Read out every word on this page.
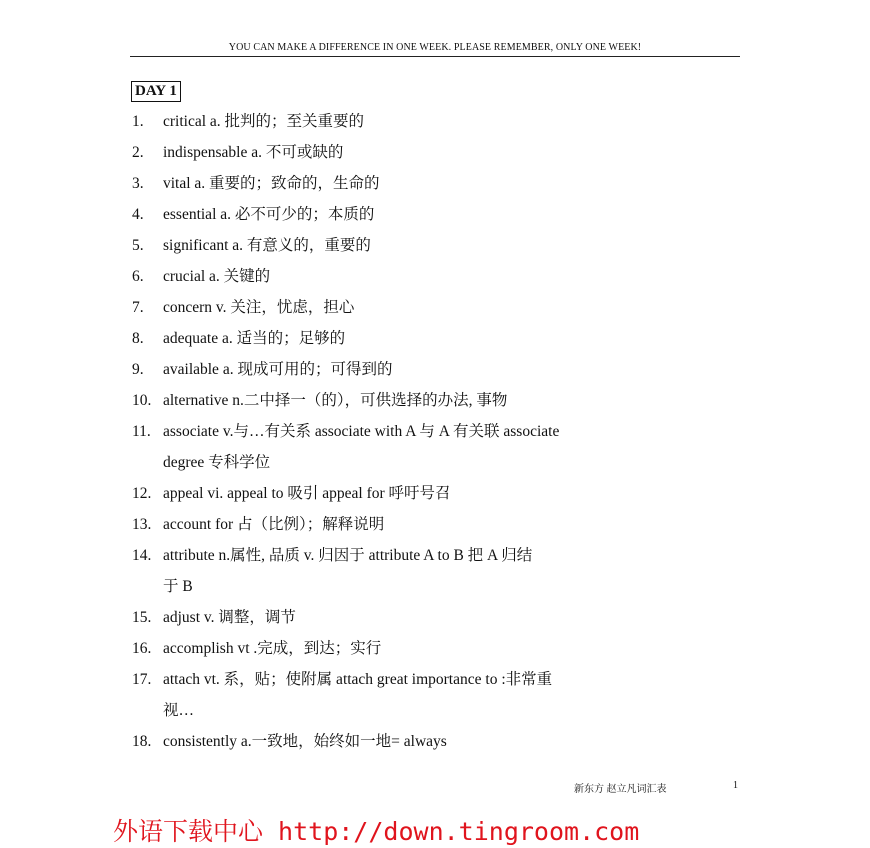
YOU CAN MAKE A DIFFERENCE IN ONE WEEK. PLEASE REMEMBER, ONLY ONE WEEK!
DAY 1
1.	critical a. 批判的；至关重要的
2.	indispensable a. 不可或缺的
3.	vital a. 重要的；致命的，生命的
4.	essential a. 必不可少的；本质的
5.	significant a. 有意义的，重要的
6.	crucial a. 关键的
7.	concern v. 关注，忧虑，担心
8.	adequate a. 适当的；足够的
9.	available a. 现成可用的；可得到的
10. alternative n.二中择一（的），可供选择的办法, 事物
11. associate v.与…有关系 associate with A 与 A 有关联 associate
degree 专科学位
12. appeal vi. appeal to 吸引 appeal for 呼吁号召
13. account for 占（比例）；解释说明
14. attribute n.属性, 品质 v. 归因于 attribute A to B 把 A 归结
于 B
15. adjust v. 调整，调节
16. accomplish vt .完成，到达；实行
17. attach vt. 系，贴；使附属 attach great importance to :非常重
视…
18. consistently a.一致地，始终如一地= always
新东方 赵立凡词汇表	1
外语下载中心 http://down.tingroom.com
